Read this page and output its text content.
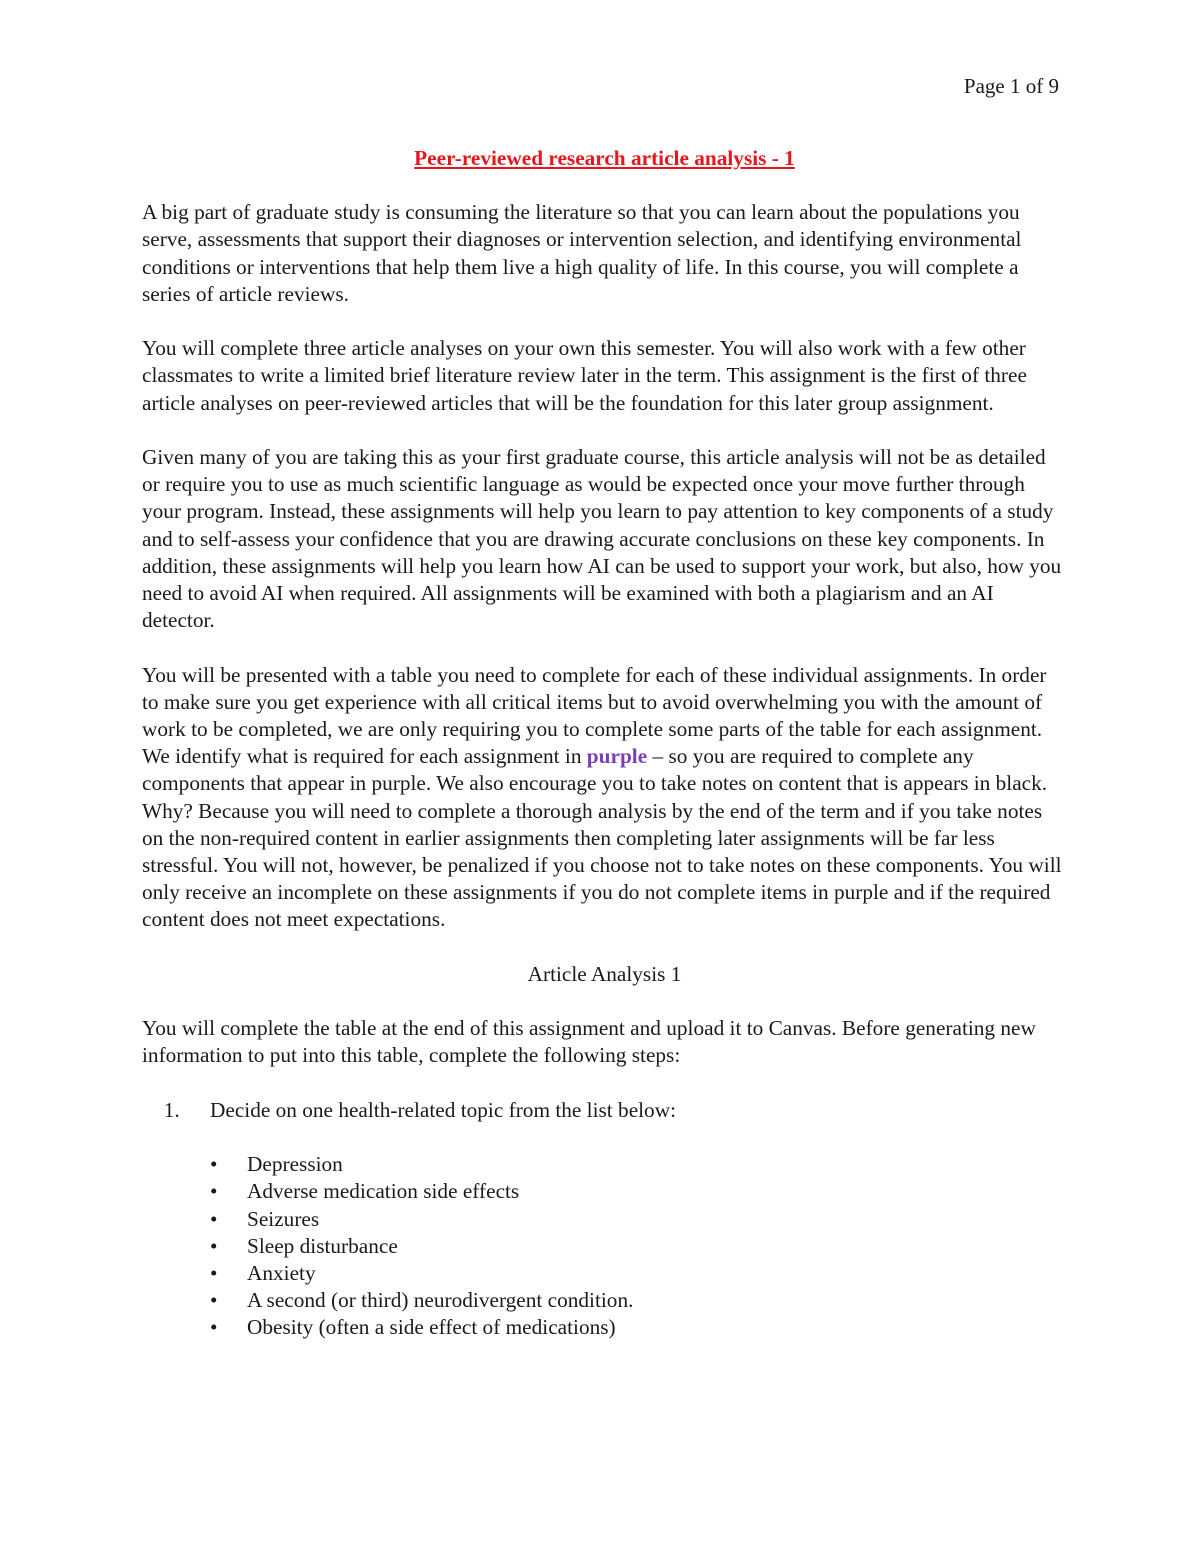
Page 1 of 9
Peer-reviewed research article analysis - 1

A big part of graduate study is consuming the literature so that you can learn about the populations you serve, assessments that support their diagnoses or intervention selection, and identifying environmental conditions or interventions that help them live a high quality of life. In this course, you will complete a series of article reviews.

You will complete three article analyses on your own this semester. You will also work with a few other classmates to write a limited brief literature review later in the term. This assignment is the first of three article analyses on peer-reviewed articles that will be the foundation for this later group assignment.

Given many of you are taking this as your first graduate course, this article analysis will not be as detailed or require you to use as much scientific language as would be expected once your move further through your program. Instead, these assignments will help you learn to pay attention to key components of a study and to self-assess your confidence that you are drawing accurate conclusions on these key components. In addition, these assignments will help you learn how AI can be used to support your work, but also, how you need to avoid AI when required. All assignments will be examined with both a plagiarism and an AI detector.

You will be presented with a table you need to complete for each of these individual assignments. In order to make sure you get experience with all critical items but to avoid overwhelming you with the amount of work to be completed, we are only requiring you to complete some parts of the table for each assignment. We identify what is required for each assignment in purple – so you are required to complete any components that appear in purple. We also encourage you to take notes on content that is appears in black. Why? Because you will need to complete a thorough analysis by the end of the term and if you take notes on the non-required content in earlier assignments then completing later assignments will be far less stressful. You will not, however, be penalized if you choose not to take notes on these components. You will only receive an incomplete on these assignments if you do not complete items in purple and if the required content does not meet expectations.

Article Analysis 1

You will complete the table at the end of this assignment and upload it to Canvas. Before generating new information to put into this table, complete the following steps:

1. Decide on one health-related topic from the list below:
• Depression
• Adverse medication side effects
• Seizures
• Sleep disturbance
• Anxiety
• A second (or third) neurodivergent condition.
• Obesity (often a side effect of medications)
